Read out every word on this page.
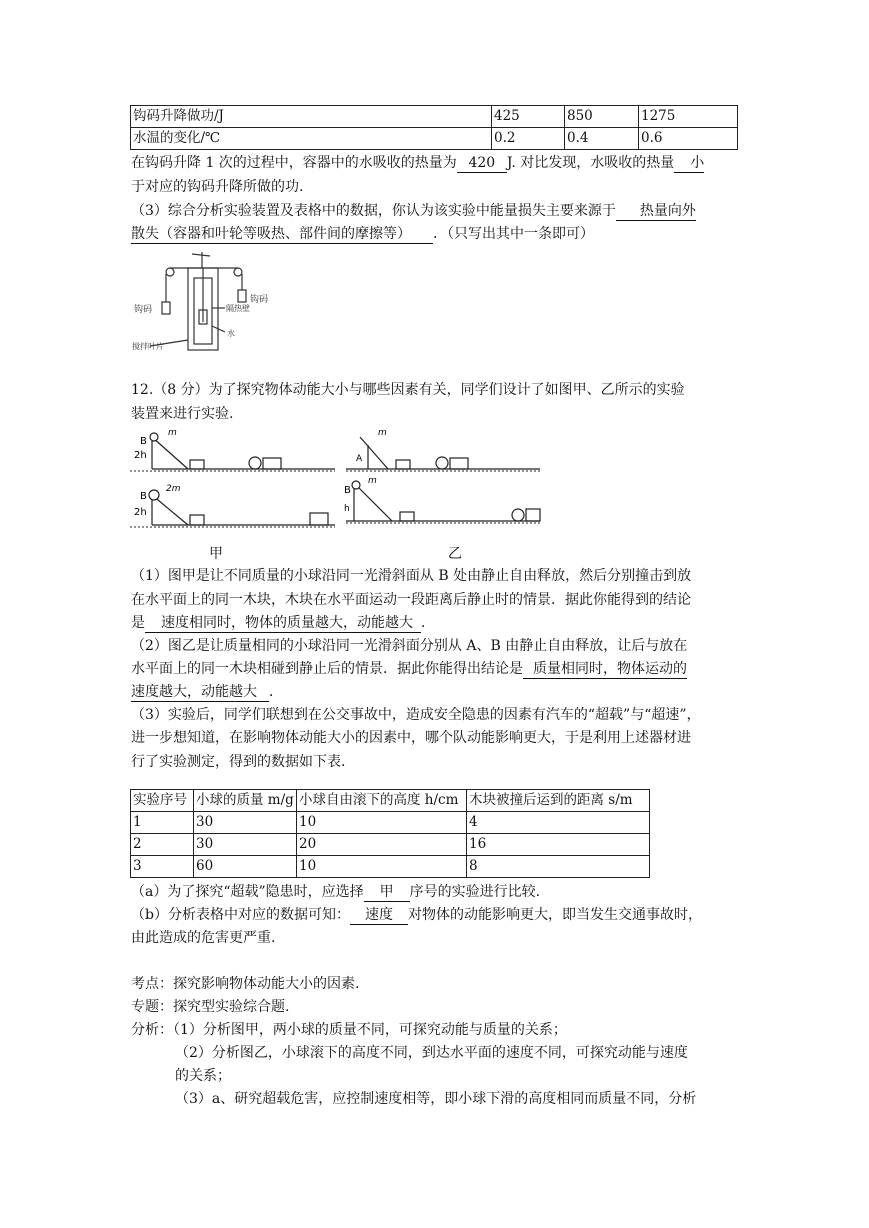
钩码升降做功/J	425	850	1275
水温的变化/℃	0.2	0.4	0.6
在钩码升降 1 次的过程中，容器中的水吸收的热量为 420 J. 对比发现，水吸收的热量 小
于对应的钩码升降所做的功.
（3）综合分析实验装置及表格中的数据，你认为该实验中能量损失主要来源于 热量向外
散失（容器和叶轮等吸热、部件间的摩擦等） ．（只写出其中一条即可）
钩码
钩码
隔热壁
水
搅拌叶片
12.（8 分）为了探究物体动能大小与哪些因素有关，同学们设计了如图甲、乙所示的实验
装置来进行实验.
B
2h
m
B
2h
2m
A
m
B
h
m
甲	乙
（1）图甲是让不同质量的小球沿同一光滑斜面从 B 处由静止自由释放，然后分别撞击到放
在水平面上的同一木块，木块在水平面运动一段距离后静止时的情景．据此你能得到的结论
是 速度相同时，物体的质量越大，动能越大 ．
（2）图乙是让质量相同的小球沿同一光滑斜面分别从 A、B 由静止自由释放，让后与放在
水平面上的同一木块相碰到静止后的情景．据此你能得出结论是 质量相同时，物体运动的
速度越大，动能越大 ．
（3）实验后，同学们联想到在公交事故中，造成安全隐患的因素有汽车的“超载”与“超速”，
进一步想知道，在影响物体动能大小的因素中，哪个队动能影响更大，于是利用上述器材进
行了实验测定，得到的数据如下表.
实验序号	小球的质量 m/g	小球自由滚下的高度 h/cm	木块被撞后运到的距离 s/m
1	30	10	4
2	30	20	16
3	60	10	8
（a）为了探究“超载”隐患时，应选择 甲 序号的实验进行比较.
（b）分析表格中对应的数据可知： 速度 对物体的动能影响更大，即当发生交通事故时，
由此造成的危害更严重.
考点：探究影响物体动能大小的因素.
专题：探究型实验综合题.
分析：（1）分析图甲，两小球的质量不同，可探究动能与质量的关系；
（2）分析图乙，小球滚下的高度不同，到达水平面的速度不同，可探究动能与速度
的关系；
（3）a、研究超载危害，应控制速度相等，即小球下滑的高度相同而质量不同，分析
